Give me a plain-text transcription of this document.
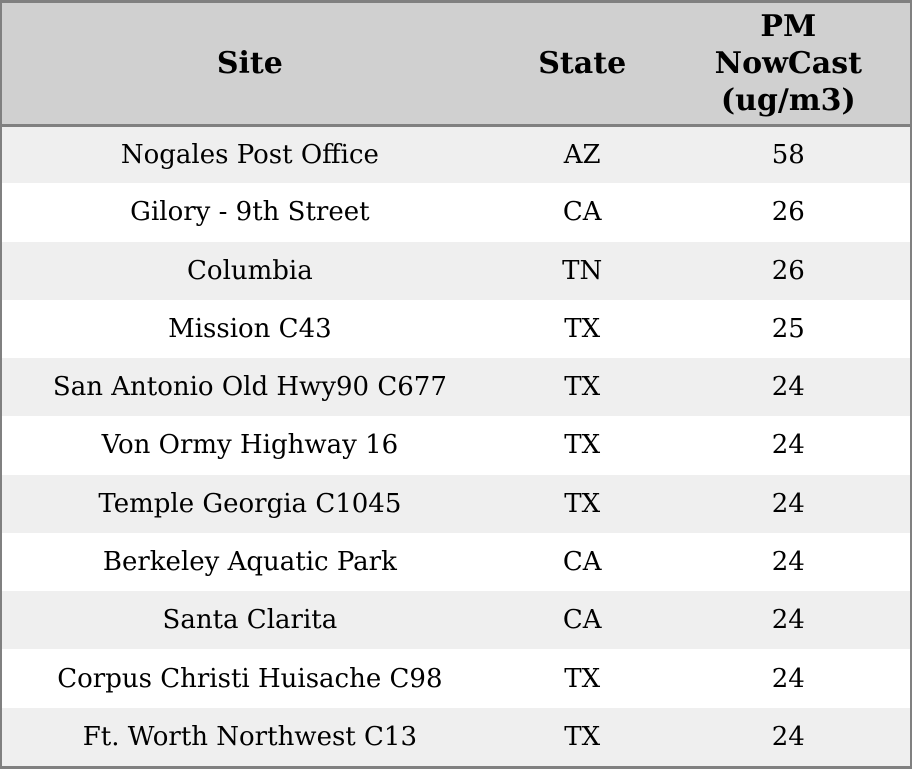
Site	State	PM NowCast (ug/m3)

Nogales Post Office	AZ	58
Gilory - 9th Street	CA	26
Columbia	TN	26
Mission C43	TX	25
San Antonio Old Hwy90 C677	TX	24
Von Ormy Highway 16	TX	24
Temple Georgia C1045	TX	24
Berkeley Aquatic Park	CA	24
Santa Clarita	CA	24
Corpus Christi Huisache C98	TX	24
Ft. Worth Northwest C13	TX	24
